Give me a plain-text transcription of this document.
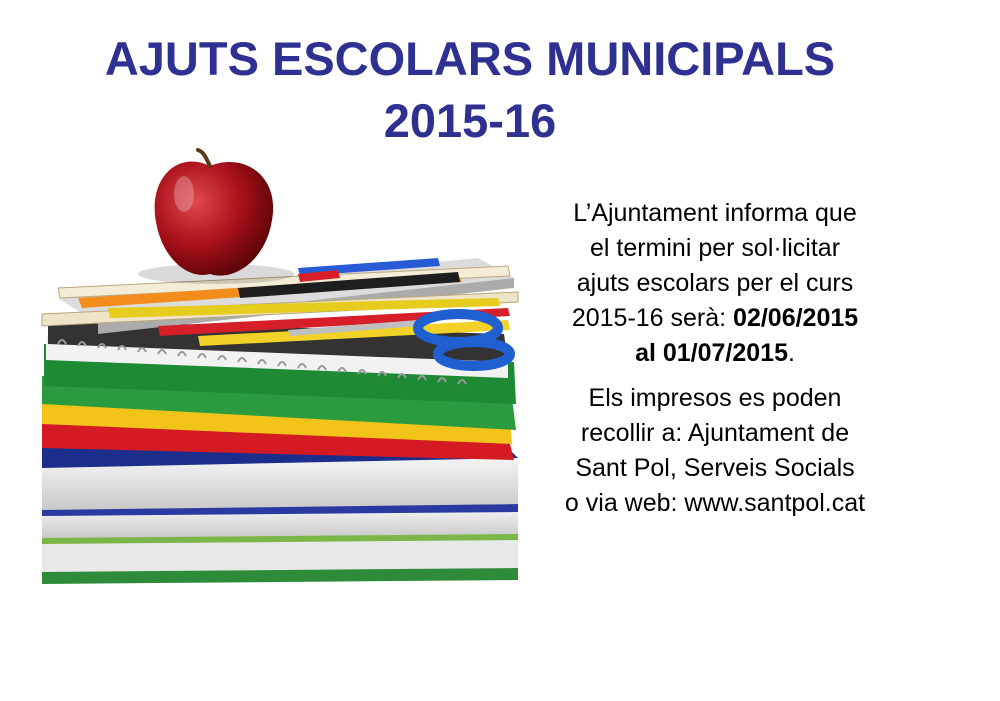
AJUTS ESCOLARS MUNICIPALS
2015-16

L’Ajuntament informa que
el termini per sol·licitar
ajuts escolars per el curs
2015-16 serà: 02/06/2015
al 01/07/2015.

Els impresos es poden
recollir a: Ajuntament de
Sant Pol, Serveis Socials
o via web: www.santpol.cat
